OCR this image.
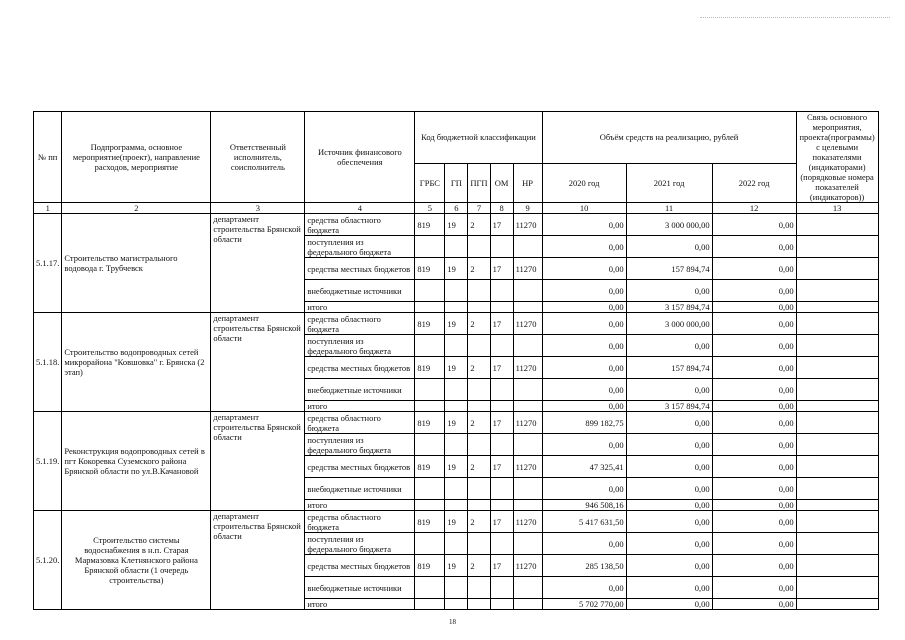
№ пп	Подпрограмма, основное мероприятие(проект), направление расходов, мероприятие	Ответственный исполнитель, соисполнитель	Источник финансового обеспечения	Код бюджетной классификации					Объём средств на реализацию, рублей			Связь основного мероприятия, проекта(программы) с целевыми показателями (индикаторами) (порядковые номера показателей (индикаторов))
				ГРБС	ГП	ПГП	ОМ	НР	2020 год	2021 год	2022 год	
1	2	3	4	5	6	7	8	9	10	11	12	13
5.1.17.	Строительство магистрального водовода г. Трубчевск	департамент строительства Брянской области	средства областного бюджета	819	19	2	17	11270	0,00	3 000 000,00	0,00	
			поступления из федерального бюджета						0,00	0,00	0,00	
			средства местных бюджетов	819	19	2	17	11270	0,00	157 894,74	0,00	
			внебюджетные источники						0,00	0,00	0,00	
			итого						0,00	3 157 894,74	0,00	
5.1.18.	Строительство водопроводных сетей микрорайона "Ковшовка" г. Брянска (2 этап)	департамент строительства Брянской области	средства областного бюджета	819	19	2	17	11270	0,00	3 000 000,00	0,00	
			поступления из федерального бюджета						0,00	0,00	0,00	
			средства местных бюджетов	819	19	2	17	11270	0,00	157 894,74	0,00	
			внебюджетные источники						0,00	0,00	0,00	
			итого						0,00	3 157 894,74	0,00	
5.1.19.	Реконструкция водопроводных сетей в пгт Кокоревка Суземского района Брянской области по ул.В.Качановой	департамент строительства Брянской области	средства областного бюджета	819	19	2	17	11270	899 182,75	0,00	0,00	
			поступления из федерального бюджета						0,00	0,00	0,00	
			средства местных бюджетов	819	19	2	17	11270	47 325,41	0,00	0,00	
			внебюджетные источники						0,00	0,00	0,00	
			итого						946 508,16	0,00	0,00	
5.1.20.	Строительство системы водоснабжения в н.п. Старая Мармазовка Клетнянского района Брянской области (1 очередь строительства)	департамент строительства Брянской области	средства областного бюджета	819	19	2	17	11270	5 417 631,50	0,00	0,00	
			поступления из федерального бюджета						0,00	0,00	0,00	
			средства местных бюджетов	819	19	2	17	11270	285 138,50	0,00	0,00	
			внебюджетные источники						0,00	0,00	0,00	
			итого						5 702 770,00	0,00	0,00	
18
